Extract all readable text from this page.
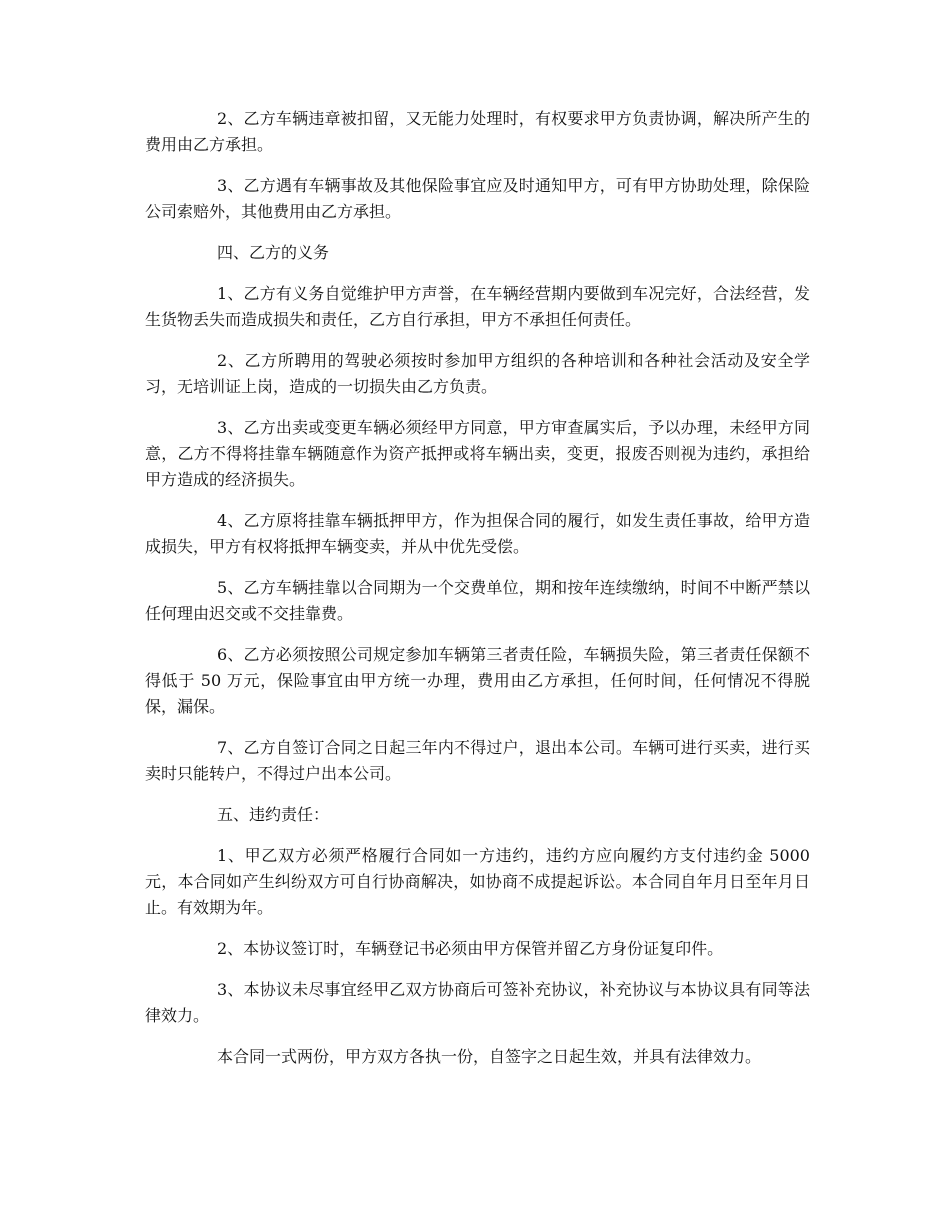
2、乙方车辆违章被扣留，又无能力处理时，有权要求甲方负责协调，解决所产生的费用由乙方承担。

3、乙方遇有车辆事故及其他保险事宜应及时通知甲方，可有甲方协助处理，除保险公司索赔外，其他费用由乙方承担。

四、乙方的义务

1、乙方有义务自觉维护甲方声誉，在车辆经营期内要做到车况完好，合法经营，发生货物丢失而造成损失和责任，乙方自行承担，甲方不承担任何责任。

2、乙方所聘用的驾驶必须按时参加甲方组织的各种培训和各种社会活动及安全学习，无培训证上岗，造成的一切损失由乙方负责。

3、乙方出卖或变更车辆必须经甲方同意，甲方审查属实后，予以办理，未经甲方同意，乙方不得将挂靠车辆随意作为资产抵押或将车辆出卖，变更，报废否则视为违约，承担给甲方造成的经济损失。

4、乙方原将挂靠车辆抵押甲方，作为担保合同的履行，如发生责任事故，给甲方造成损失，甲方有权将抵押车辆变卖，并从中优先受偿。

5、乙方车辆挂靠以合同期为一个交费单位，期和按年连续缴纳，时间不中断严禁以任何理由迟交或不交挂靠费。

6、乙方必须按照公司规定参加车辆第三者责任险，车辆损失险，第三者责任保额不得低于 50 万元，保险事宜由甲方统一办理，费用由乙方承担，任何时间，任何情况不得脱保，漏保。

7、乙方自签订合同之日起三年内不得过户，退出本公司。车辆可进行买卖，进行买卖时只能转户，不得过户出本公司。

五、违约责任：

1、甲乙双方必须严格履行合同如一方违约，违约方应向履约方支付违约金 5000 元，本合同如产生纠纷双方可自行协商解决，如协商不成提起诉讼。本合同自年月日至年月日止。有效期为年。

2、本协议签订时，车辆登记书必须由甲方保管并留乙方身份证复印件。

3、本协议未尽事宜经甲乙双方协商后可签补充协议，补充协议与本协议具有同等法律效力。

本合同一式两份，甲方双方各执一份，自签字之日起生效，并具有法律效力。
